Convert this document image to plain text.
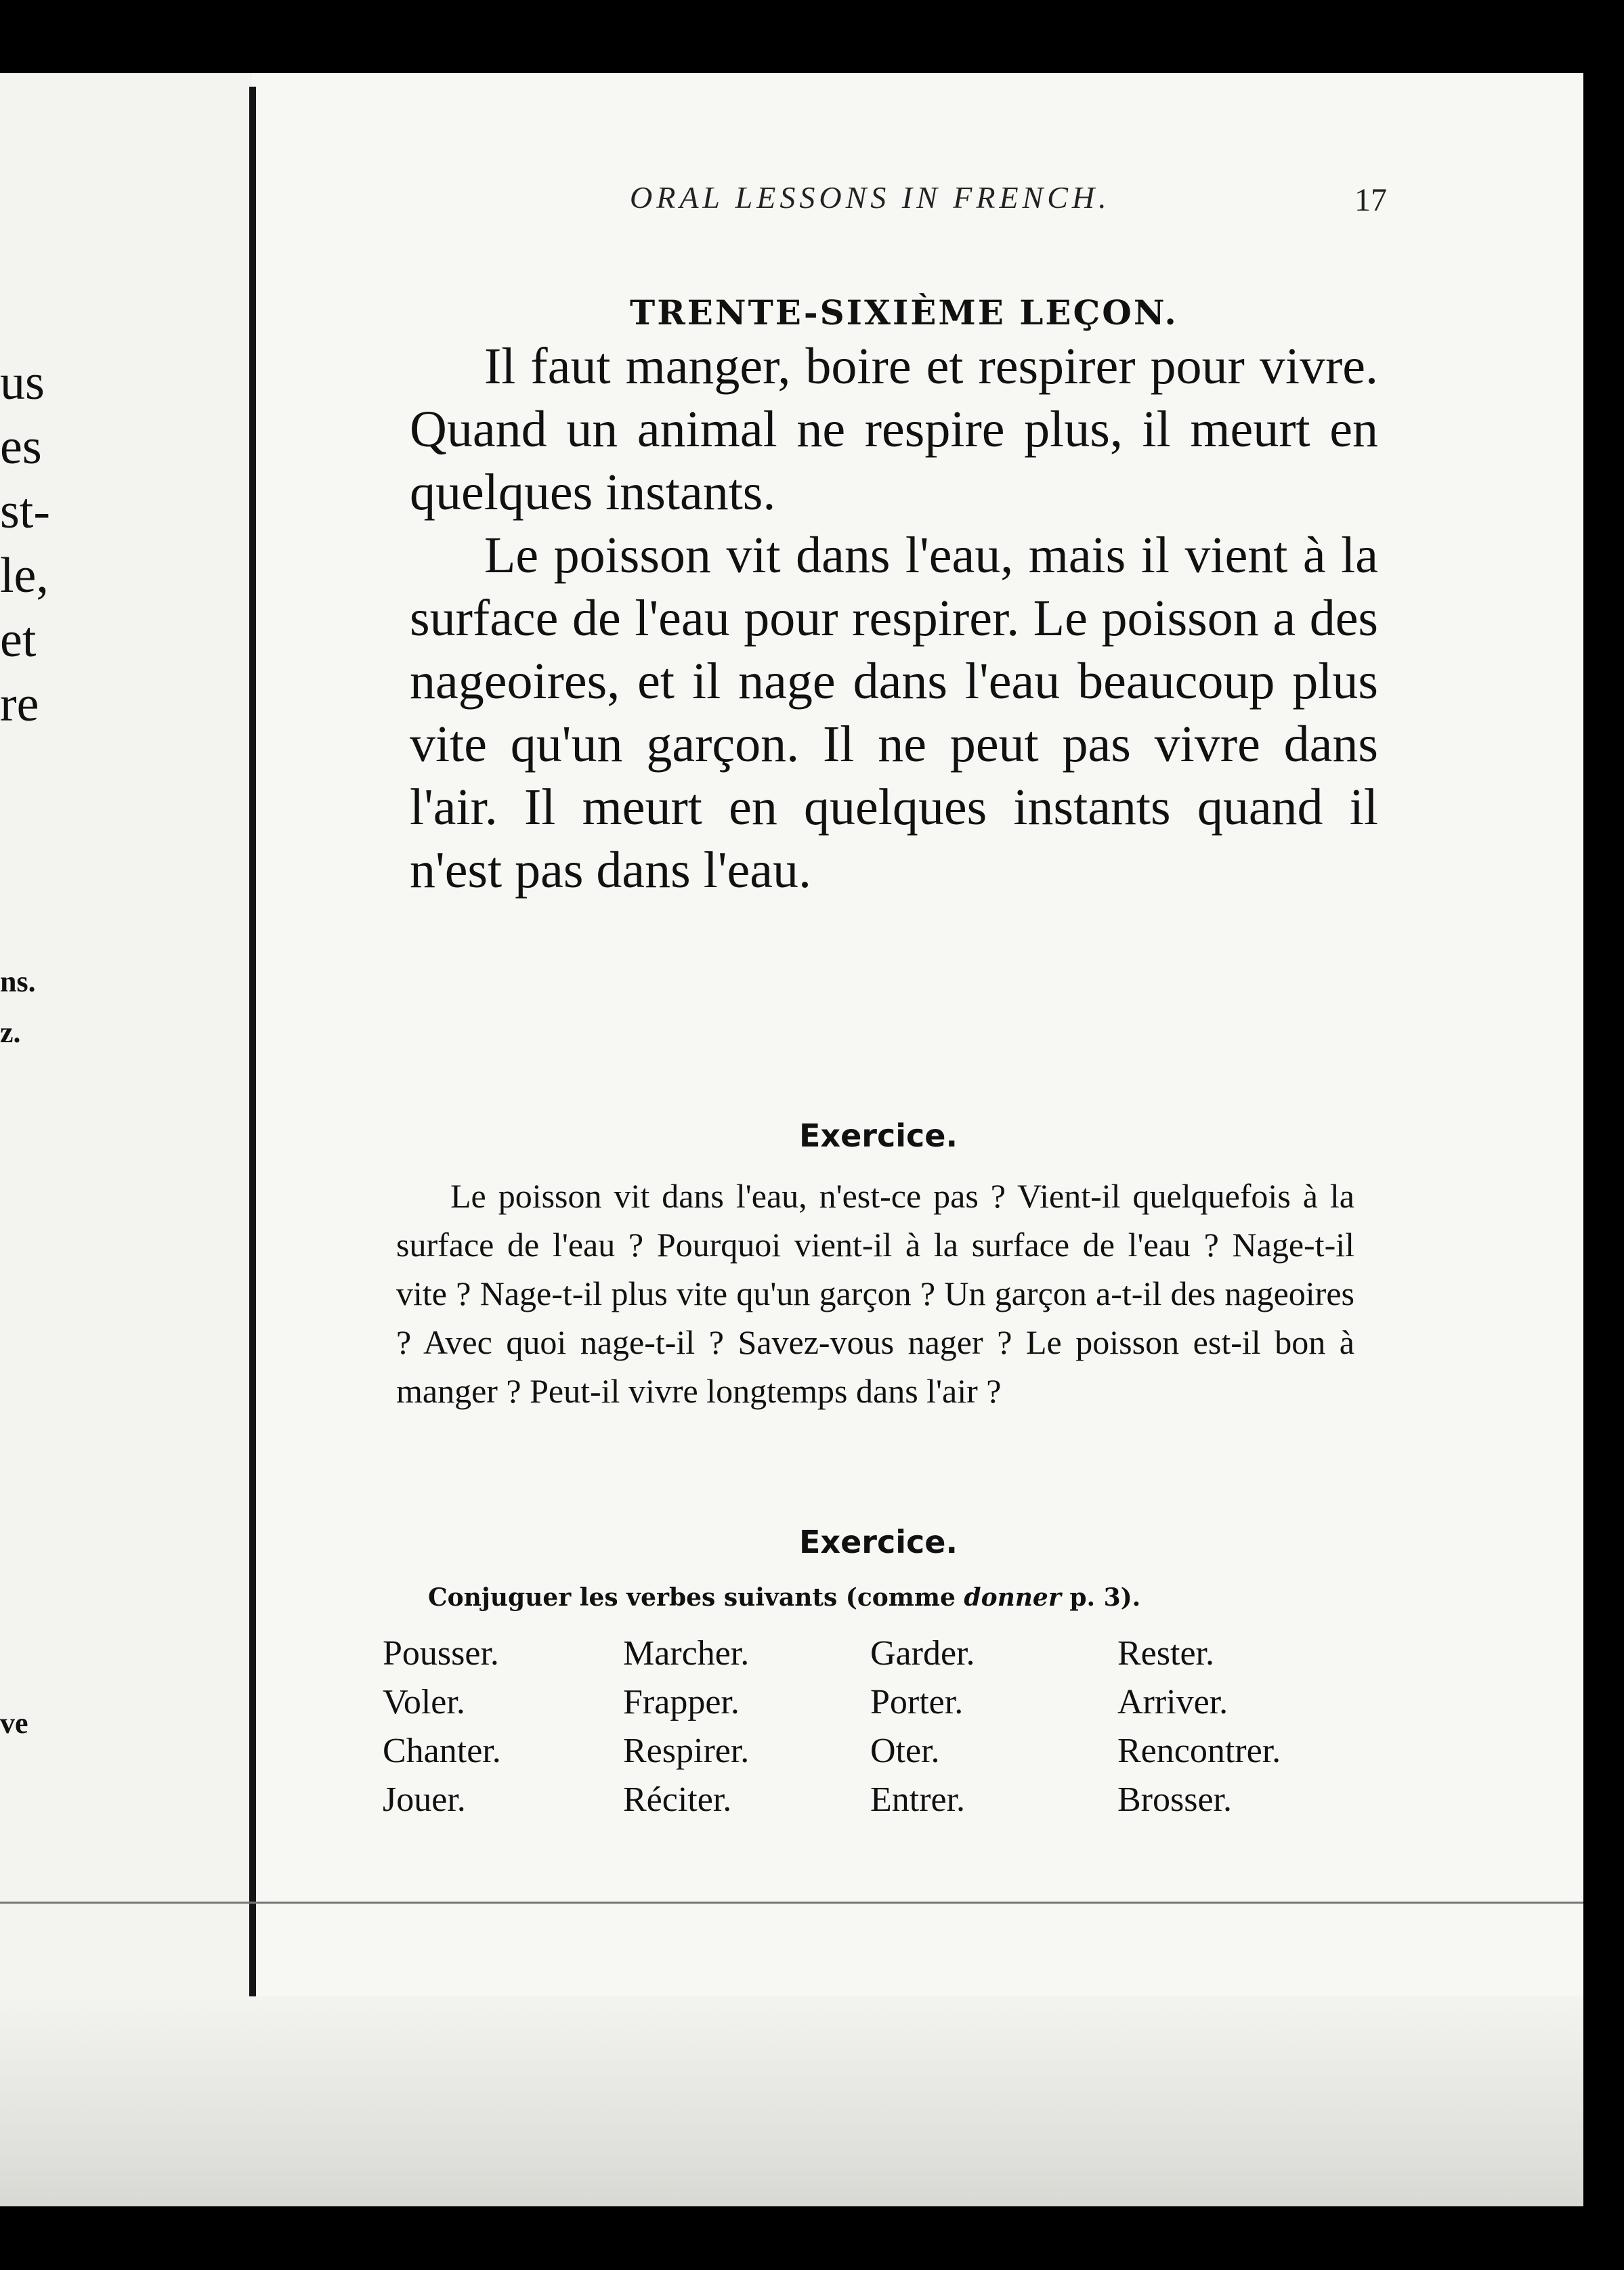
us
es
st-
le,
et
re
ns.
z.
ve
ORAL LESSONS IN FRENCH.	17
TRENTE-SIXIÈME LEÇON.

Il faut manger, boire et respirer pour vivre. Quand un animal ne respire plus, il meurt en quelques instants.

Le poisson vit dans l'eau, mais il vient à la surface de l'eau pour respirer. Le poisson a des nageoires, et il nage dans l'eau beaucoup plus vite qu'un garçon. Il ne peut pas vivre dans l'air. Il meurt en quelques instants quand il n'est pas dans l'eau.

Exercice.
Le poisson vit dans l'eau, n'est-ce pas ? Vient-il quelquefois à la surface de l'eau ? Pourquoi vient-il à la surface de l'eau ? Nage-t-il vite ? Nage-t-il plus vite qu'un garçon ? Un garçon a-t-il des nageoires ? Avec quoi nage-t-il ? Savez-vous nager ? Le poisson est-il bon à manger ? Peut-il vivre longtemps dans l'air ?
Exercice.
Conjuguer les verbes suivants (comme donner p. 3).
Pousser.	Marcher.	Garder.	Rester.
Voler.	Frapper.	Porter.	Arriver.
Chanter.	Respirer.	Oter.	Rencontrer.
Jouer.	Réciter.	Entrer.	Brosser.
